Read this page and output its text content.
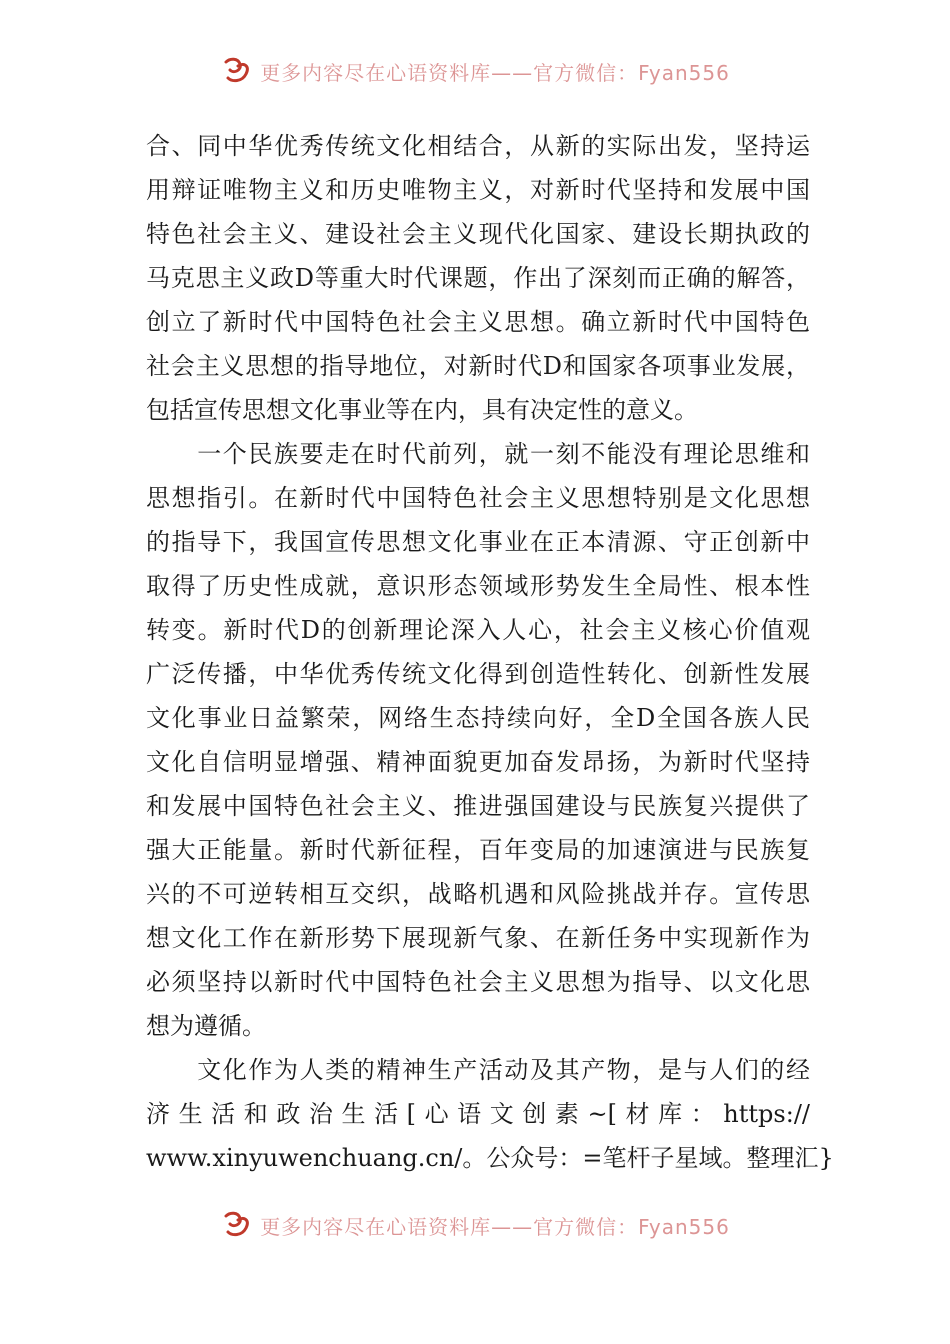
更多内容尽在心语资料库——官方微信：Fyan556
合、同中华优秀传统文化相结合，从新的实际出发，坚持运
用辩证唯物主义和历史唯物主义，对新时代坚持和发展中国
特色社会主义、建设社会主义现代化国家、建设长期执政的
马克思主义政D等重大时代课题，作出了深刻而正确的解答，
创立了新时代中国特色社会主义思想。确立新时代中国特色
社会主义思想的指导地位，对新时代D和国家各项事业发展，
包括宣传思想文化事业等在内，具有决定性的意义。
　　一个民族要走在时代前列，就一刻不能没有理论思维和
思想指引。在新时代中国特色社会主义思想特别是文化思想
的指导下，我国宣传思想文化事业在正本清源、守正创新中
取得了历史性成就，意识形态领域形势发生全局性、根本性
转变。新时代D的创新理论深入人心，社会主义核心价值观
广泛传播，中华优秀传统文化得到创造性转化、创新性发展
文化事业日益繁荣，网络生态持续向好，全D全国各族人民
文化自信明显增强、精神面貌更加奋发昂扬，为新时代坚持
和发展中国特色社会主义、推进强国建设与民族复兴提供了
强大正能量。新时代新征程，百年变局的加速演进与民族复
兴的不可逆转相互交织，战略机遇和风险挑战并存。宣传思
想文化工作在新形势下展现新气象、在新任务中实现新作为
必须坚持以新时代中国特色社会主义思想为指导、以文化思
想为遵循。
　　文化作为人类的精神生产活动及其产物，是与人们的经
济生活和政治生活[心语文创素~[材库：https://
www.xinyuwenchuang.cn/。公众号：=笔杆子星域。整理汇}
更多内容尽在心语资料库——官方微信：Fyan556
